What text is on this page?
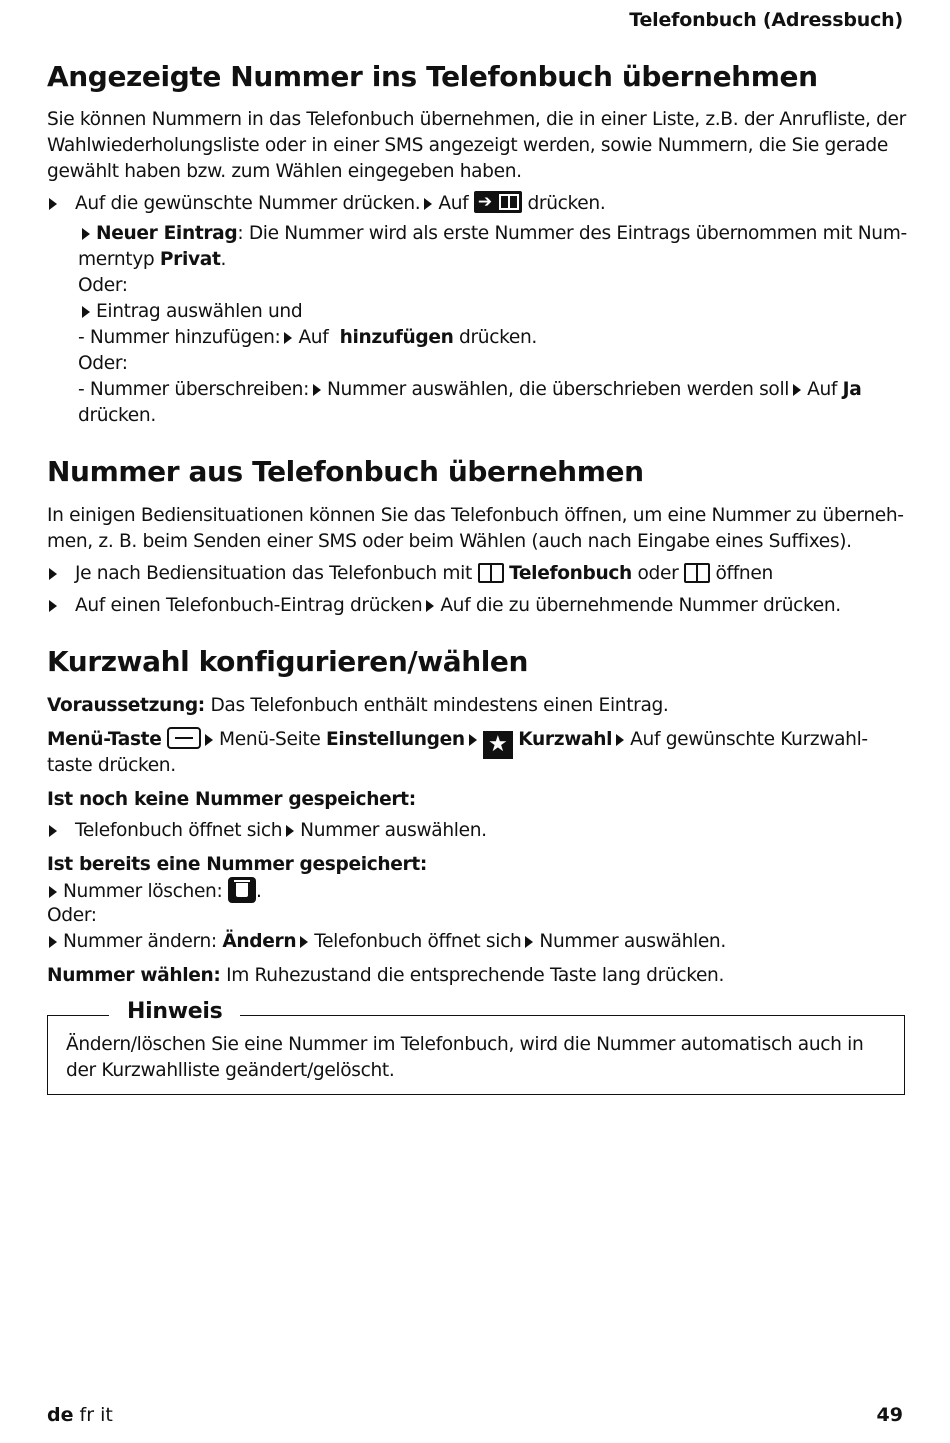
Telefonbuch (Adressbuch)
Angezeigte Nummer ins Telefonbuch übernehmen
Sie können Nummern in das Telefonbuch übernehmen, die in einer Liste, z.B. der Anrufliste, der
Wahlwiederholungsliste oder in einer SMS angezeigt werden, sowie Nummern, die Sie gerade
gewählt haben bzw. zum Wählen eingegeben haben.
Auf die gewünschte Nummer drücken. Auf ➔ drücken.
Neuer Eintrag: Die Nummer wird als erste Nummer des Eintrags übernommen mit Num-
merntyp Privat.
Oder:
Eintrag auswählen und
- Nummer hinzufügen: Auf hinzufügen drücken.
Oder:
- Nummer überschreiben: Nummer auswählen, die überschrieben werden soll Auf Ja
drücken.
Nummer aus Telefonbuch übernehmen
In einigen Bediensituationen können Sie das Telefonbuch öffnen, um eine Nummer zu überneh-
men, z. B. beim Senden einer SMS oder beim Wählen (auch nach Eingabe eines Suffixes).
Je nach Bediensituation das Telefonbuch mit Telefonbuch oder öffnen
Auf einen Telefonbuch-Eintrag drücken Auf die zu übernehmende Nummer drücken.
Kurzwahl konfigurieren/wählen
Voraussetzung: Das Telefonbuch enthält mindestens einen Eintrag.
Menü-Taste	Menü-Seite Einstellungen ★ Kurzwahl Auf gewünschte Kurzwahl-
taste drücken.
Ist noch keine Nummer gespeichert:
Telefonbuch öffnet sich Nummer auswählen.
Ist bereits eine Nummer gespeichert:
Nummer löschen: .
Oder:
Nummer ändern: Ändern Telefonbuch öffnet sich Nummer auswählen.
Nummer wählen: Im Ruhezustand die entsprechende Taste lang drücken.
Hinweis
Ändern/löschen Sie eine Nummer im Telefonbuch, wird die Nummer automatisch auch in
der Kurzwahlliste geändert/gelöscht.
de fr it	49
